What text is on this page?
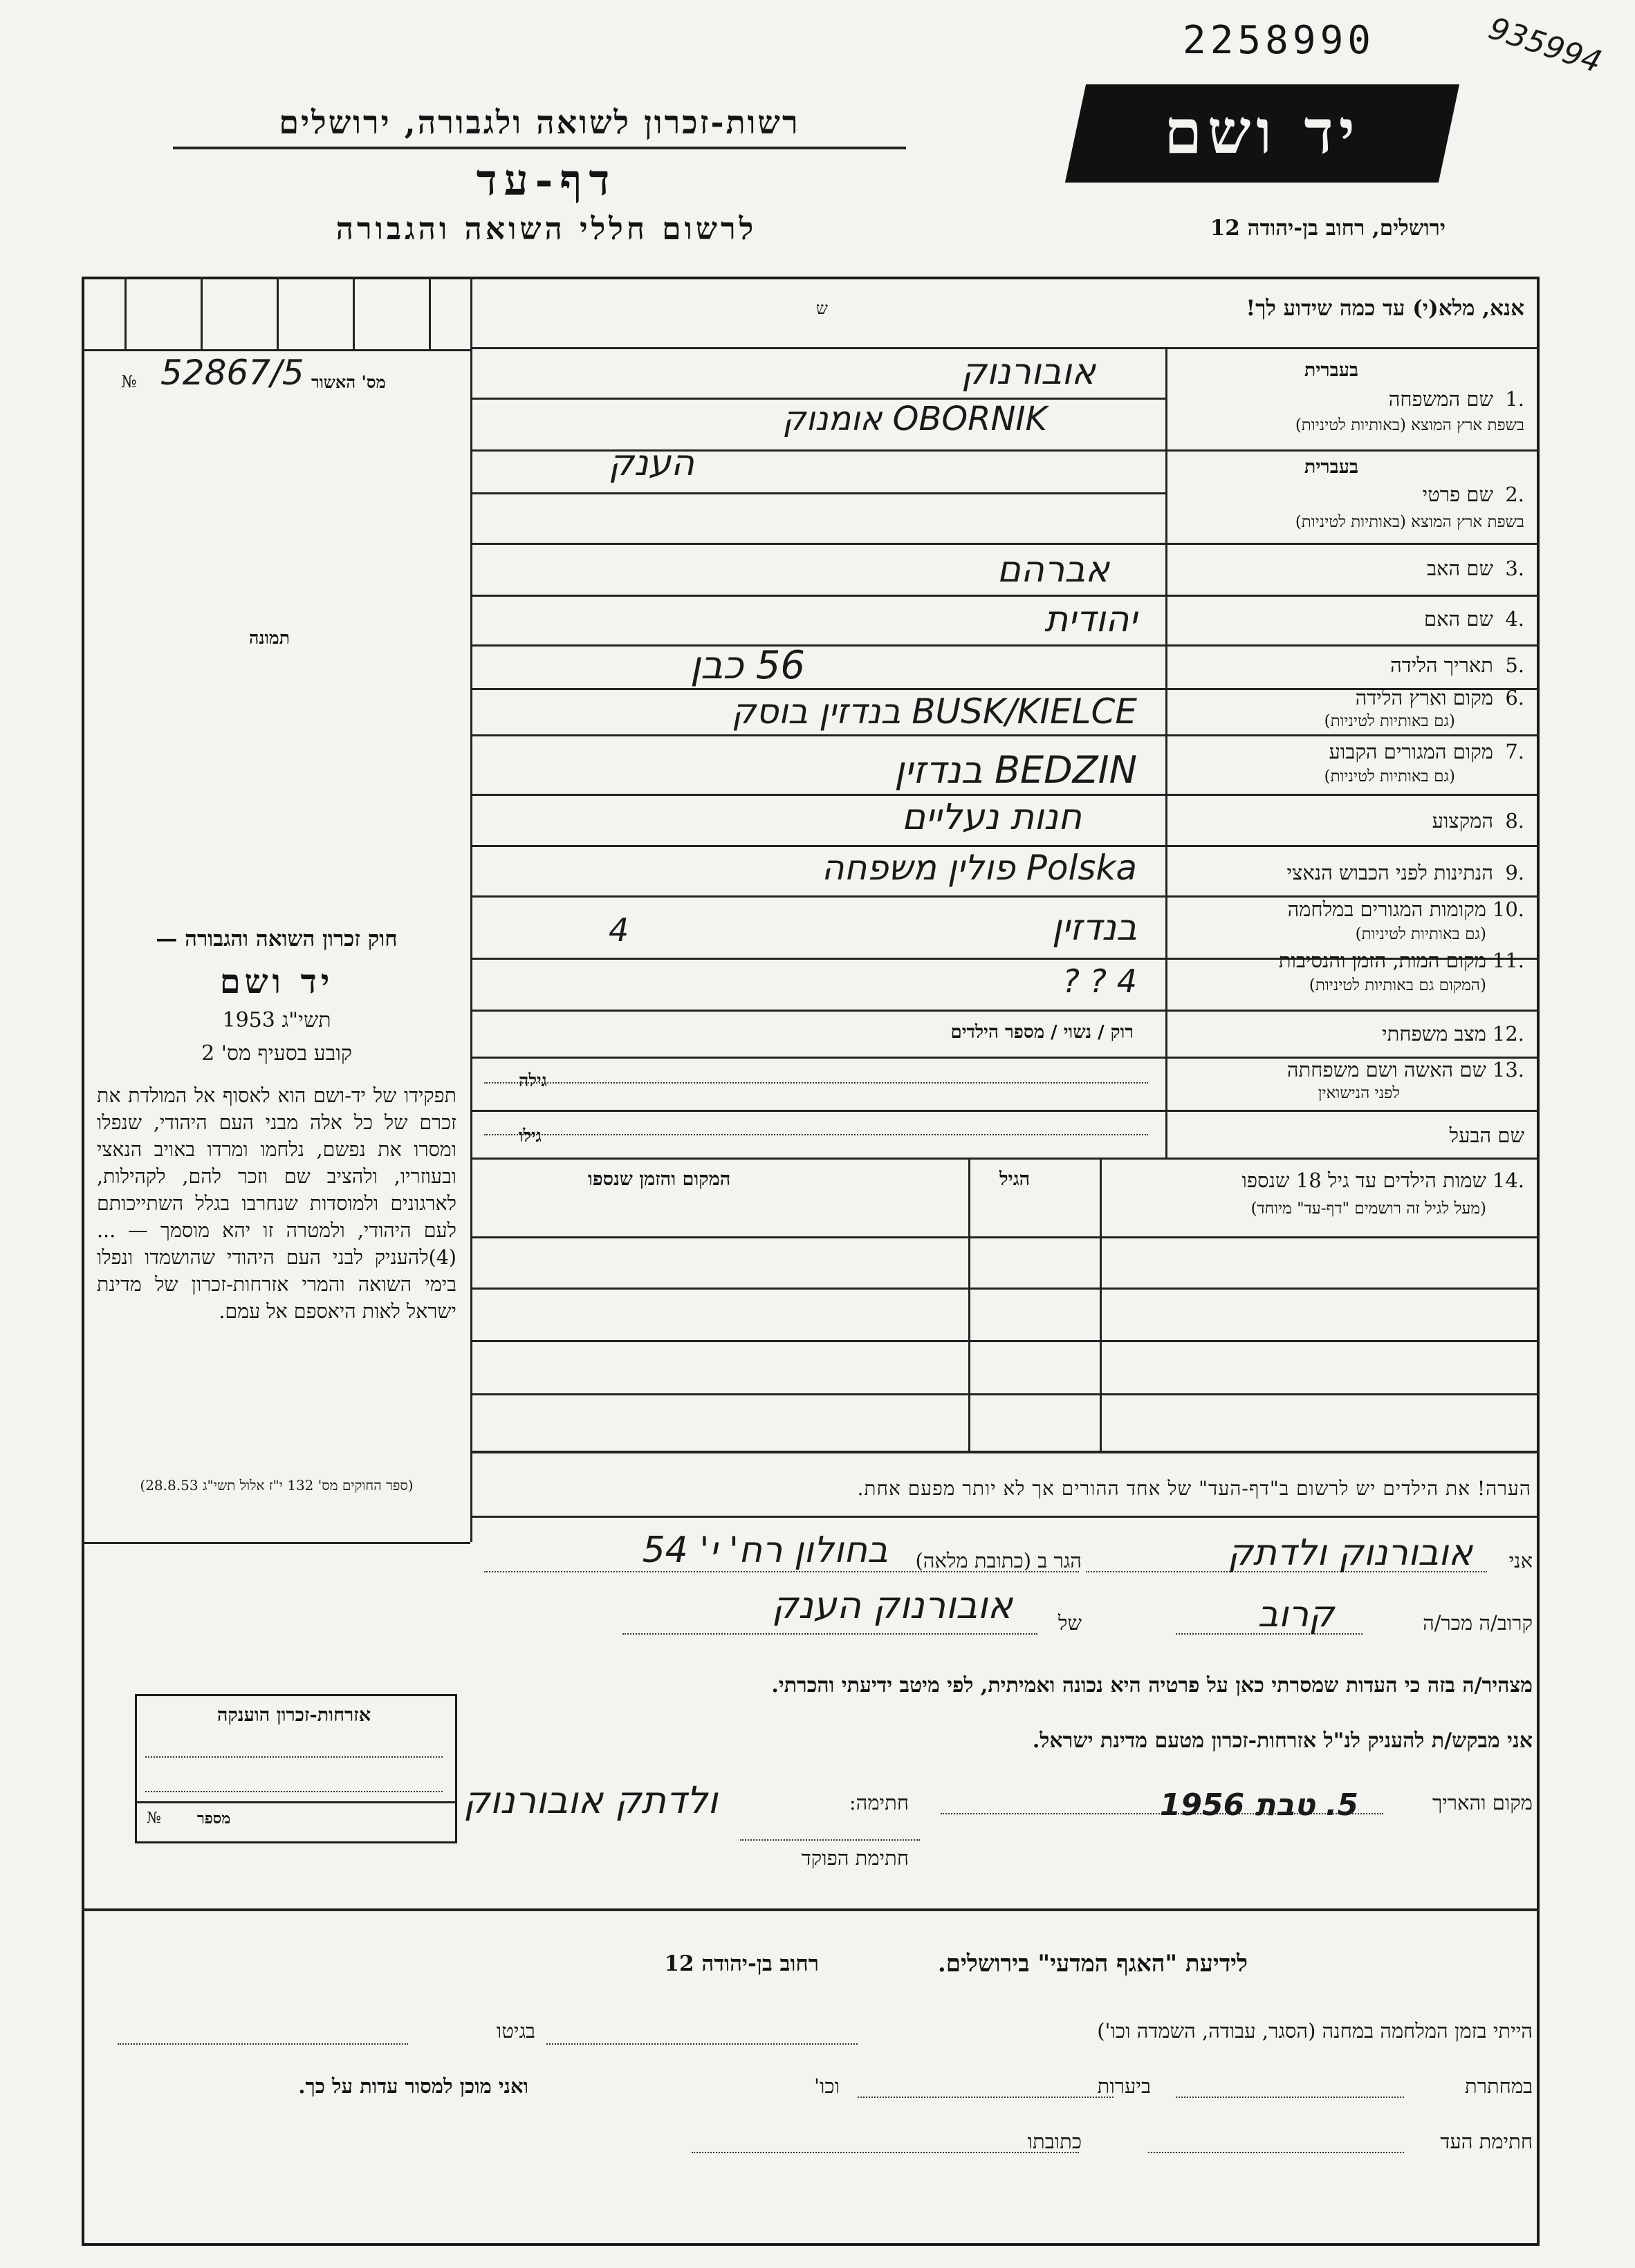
2258990	935994
רשות-זכרון לשואה ולגבורה, ירושלים
דף-עד
לרשום חללי השואה והגבורה
יד ושם
ירושלים, רחוב בן-יהודה 12
מס' האשור
№ 52867/5
תמונה
חוק זכרון השואה והגבורה —
יד ושם
תשי"ג 1953
קובע בסעיף מס' 2
תפקידו של יד-ושם הוא לאסוף אל המולדת את זכרם של כל אלה מבני העם היהודי, שנפלו ומסרו את נפשם, נלחמו ומרדו באויב הנאצי ובעוזריו, ולהציב שם וזכר להם, לקהילות, לארגונים ולמוסדות שנחרבו בגלל השתייכותם לעם היהודי, ולמטרה זו יהא מוסמך — ...(4)להעניק לבני העם היהודי שהושמדו ונפלו בימי השואה והמרי אזרחות-זכרון של מדינת ישראל לאות היאספם אל עמם.
(ספר החוקים מס' 132 י"ז אלול תשי"ג 28.8.53)
אזרחות-זכרון הוענקה
מספר
№
אנא, מלא(י) עד כמה שידוע לך!
ש
בעברית
1.
שם המשפחה
בשפת ארץ המוצא (באותיות לטיניות)
אובורנוק
OBORNIK אומנוק
בעברית
2.
שם פרטי
בשפת ארץ המוצא (באותיות לטיניות)
הענק
3.
שם האב
אברהם
4.
שם האם
יהודית
5.
תאריך הלידה
56 כבן
6.
מקום וארץ הלידה
(גם באותיות לטיניות)
BUSK/KIELCE בנדזין בוסק
7.
מקום המגורים הקבוע
(גם באותיות לטיניות)
BEDZIN בנדזין
8.
המקצוע
חנות נעליים
9.
הנתינות לפני הכבוש הנאצי
Polska פולין משפחה
10.
מקומות המגורים במלחמה
(גם באותיות לטיניות)
בנדזין
4
11.
מקום המות, הזמן והנסיבות
(המקום גם באותיות לטיניות)
4 ? ?
12.
מצב משפחתי
רוק / נשוי / מספר הילדים
13.
שם האשה ושם משפחתה
לפני הנישואין
גילה
שם הבעל
גילו
14.
שמות הילדים עד גיל 18 שנספו
(מעל לגיל זה רושמים "דף-עד" מיוחד)
הגיל
המקום והזמן שנספו
הערה! את הילדים יש לרשום ב"דף-העד" של אחד ההורים אך לא יותר מפעם אחת.
אני
אובורנוק ולדתק
הגר ב (כתובת מלאה)
בחולון רח' י' 54
קרוב/ה מכר/ה
קרוב
של
אובורנוק הענק
מצהיר/ה בזה כי העדות שמסרתי כאן על פרטיה היא נכונה ואמיתית, לפי מיטב ידיעתי והכרתי.
אני מבקש/ת להעניק לנ"ל אזרחות-זכרון מטעם מדינת ישראל.
מקום והאריך
5. טבת 1956
חתימה:
ולדתק אובורנוק
חתימת הפוקד
לידיעת "האגף המדעי" בירושלים.
רחוב בן-יהודה 12
הייתי בזמן המלחמה במחנה (הסגר, עבודה, השמדה וכו')
בגיטו
במחתרת
ביערות
וכו'
ואני מוכן למסור עדות על כך.
חתימת העד
כתובתו
